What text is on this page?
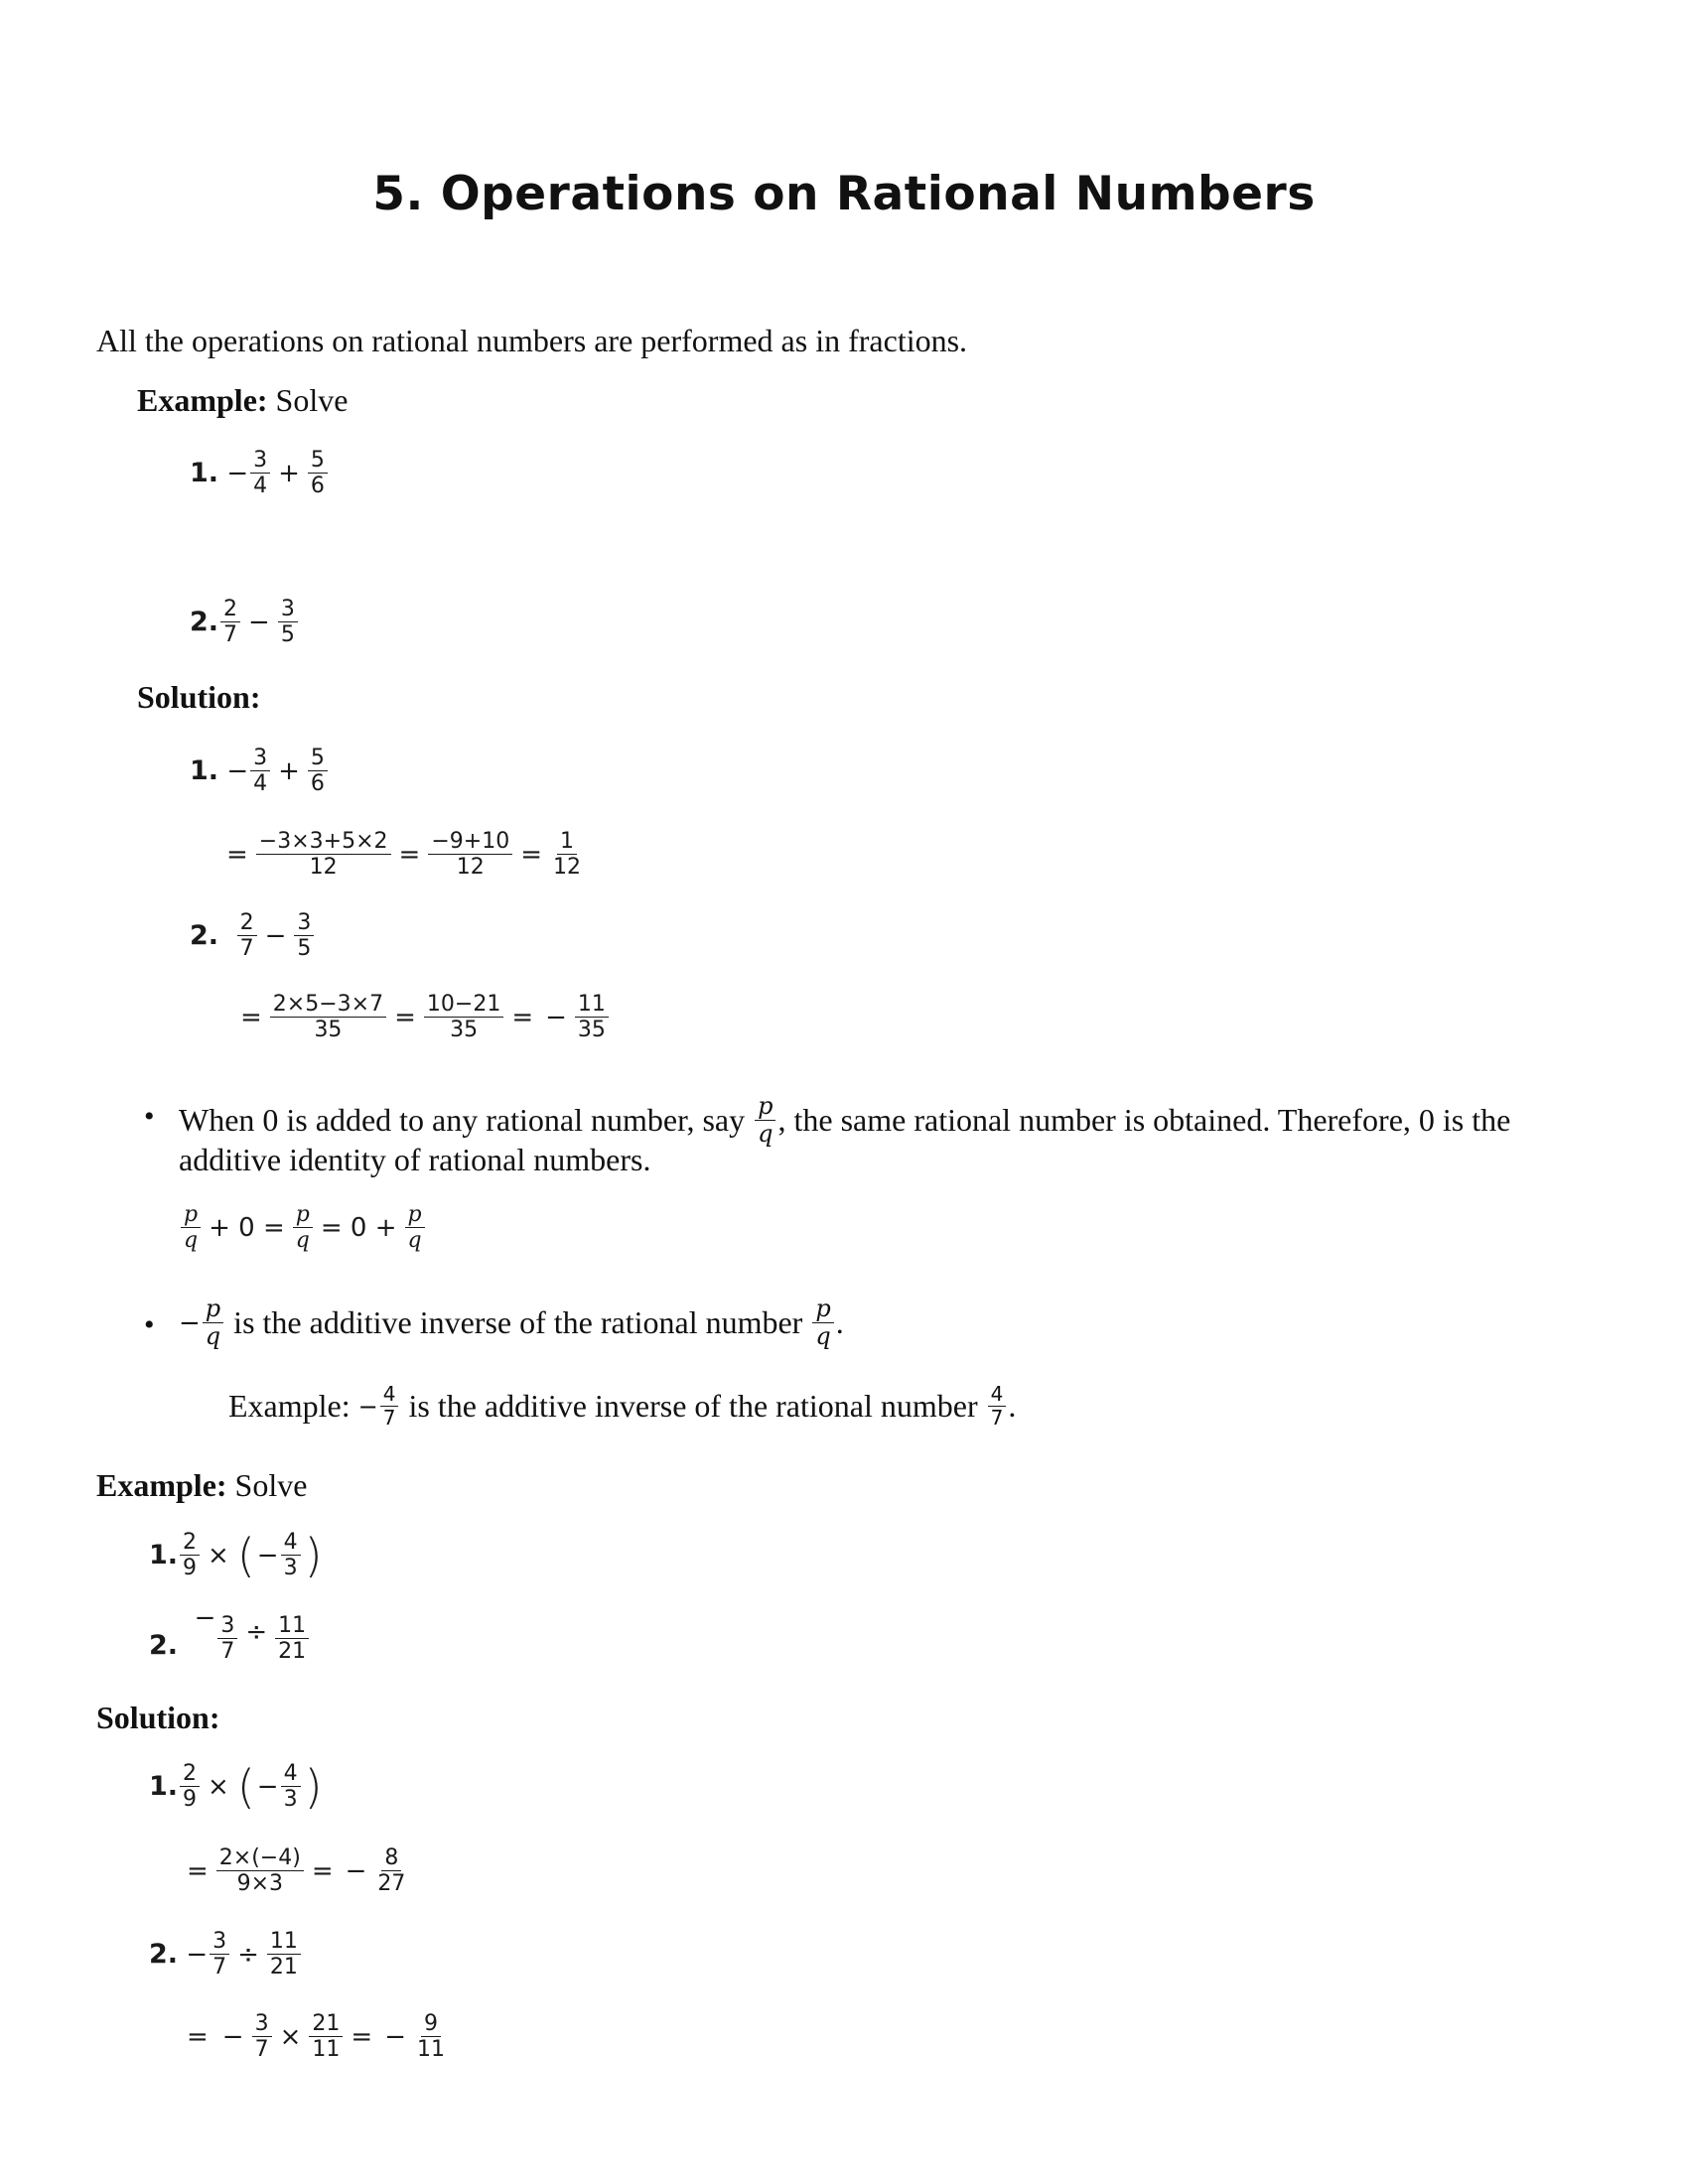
5. Operations on Rational Numbers
All the operations on rational numbers are performed as in fractions.
Example: Solve
1.
− $\frac{3}{4} + \frac{5}{6}$
2. $\frac{2}{7} - \frac{3}{5}$
Solution:
1.
− $\frac{3}{4} + \frac{5}{6}$
= $\frac{-3\times 3+5\times 2}{12} = \frac{-9+10}{12} = \frac{1}{12}$
2.
$\frac{2}{7} - \frac{3}{5}$
= $\frac{2\times 5-3\times 7}{35} = \frac{10-21}{35}$ = − $\frac{11}{35}$
• When 0 is added to any rational number, say
$\frac{p}{q}$ , the same rational number is obtained. Therefore, 0 is the
additive identity of rational numbers.
$\frac{p}{q} + 0 = \frac{p}{q} = 0 + \frac{p}{q}$
• − $\frac{p}{q}$
is the additive inverse of the rational number
$\frac{p}{q}$ .
Example:
− $\frac{4}{7}$
is the additive inverse of the rational number
$\frac{4}{7}$ .
Example: Solve
1. $\frac{2}{9}$ × ( − $\frac{4}{3}$ )
2.

− $\frac{3}{7} \div \frac{11}{21}$
Solution:
1. $\frac{2}{9}$ × ( − $\frac{4}{3}$ )
= $\frac{2\times(-4)}{9\times 3}$ = − $\frac{8}{27}$
2.
− $\frac{3}{7} \div \frac{11}{21}$
= − $\frac{3}{7} \times \frac{21}{11}$ = − $\frac{9}{11}$
